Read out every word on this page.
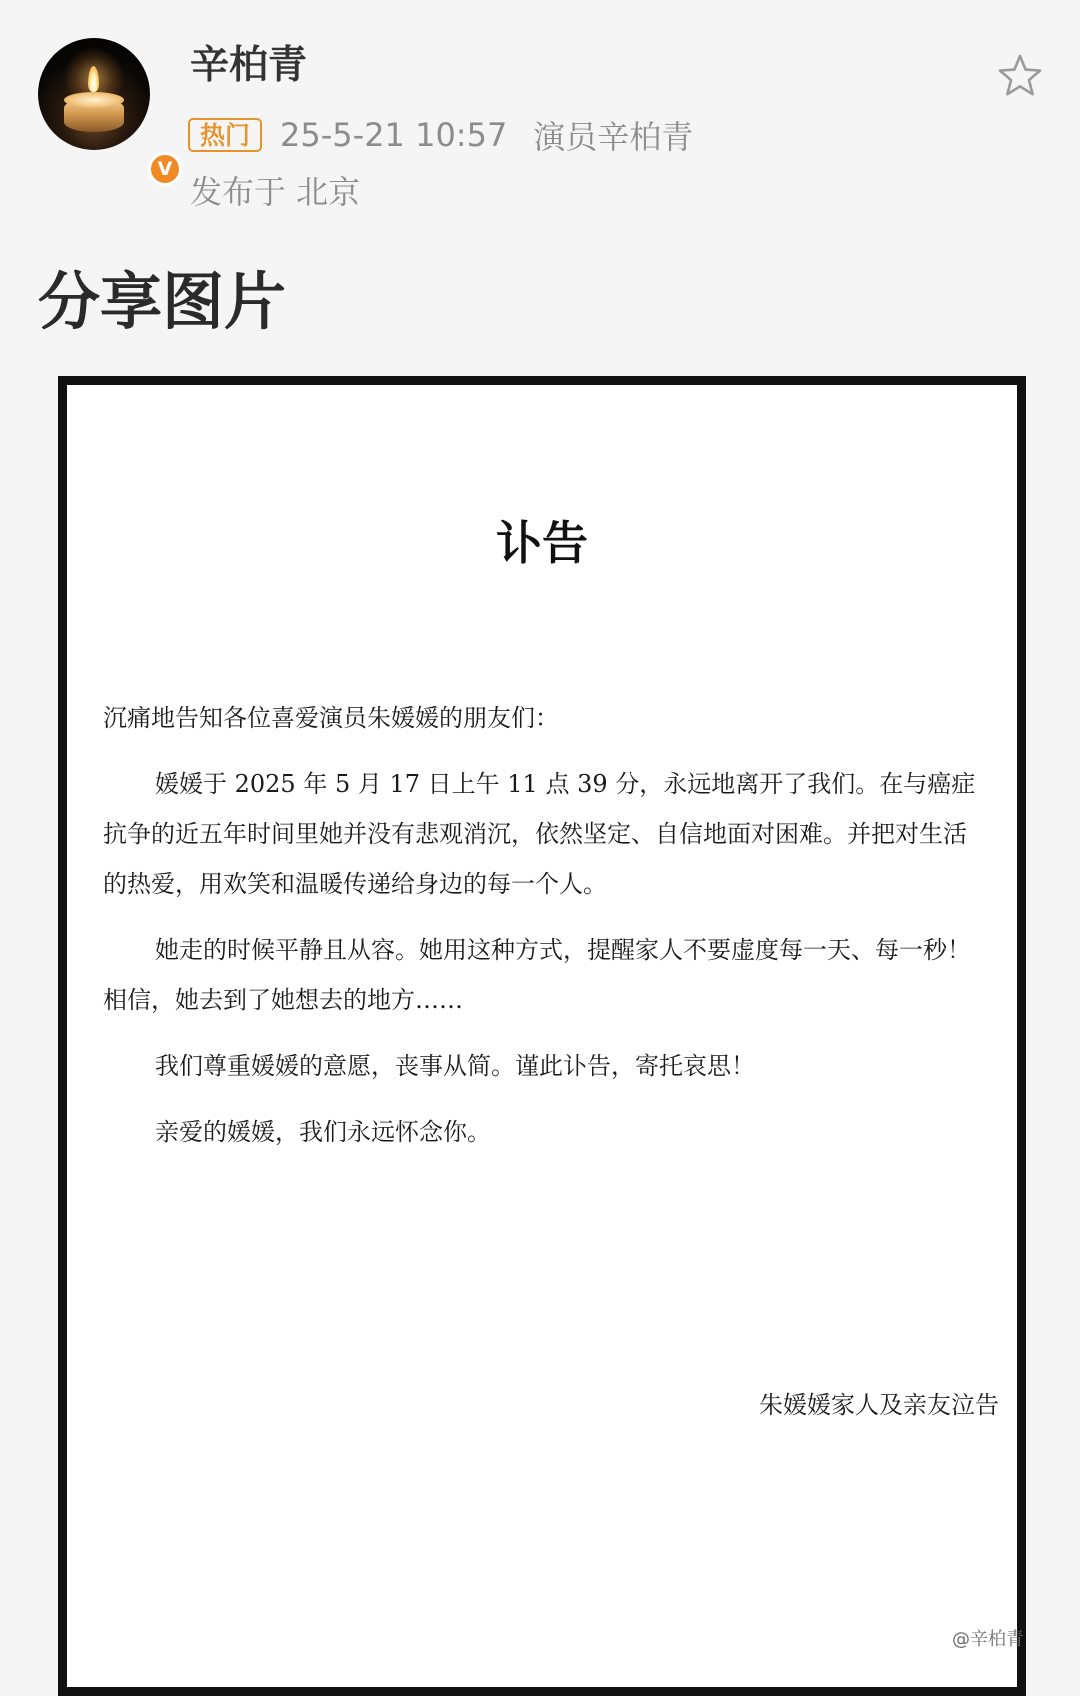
V
辛柏青
热门 25-5-21 10:57 演员辛柏青
发布于 北京
分享图片
讣告

沉痛地告知各位喜爱演员朱媛媛的朋友们：

媛媛于 2025 年 5 月 17 日上午 11 点 39 分，永远地离开了我们。在与癌症抗争的近五年时间里她并没有悲观消沉，依然坚定、自信地面对困难。并把对生活的热爱，用欢笑和温暖传递给身边的每一个人。

她走的时候平静且从容。她用这种方式，提醒家人不要虚度每一天、每一秒！相信，她去到了她想去的地方……

我们尊重媛媛的意愿，丧事从简。谨此讣告，寄托哀思！

亲爱的媛媛，我们永远怀念你。

朱媛媛家人及亲友泣告
@辛柏青
